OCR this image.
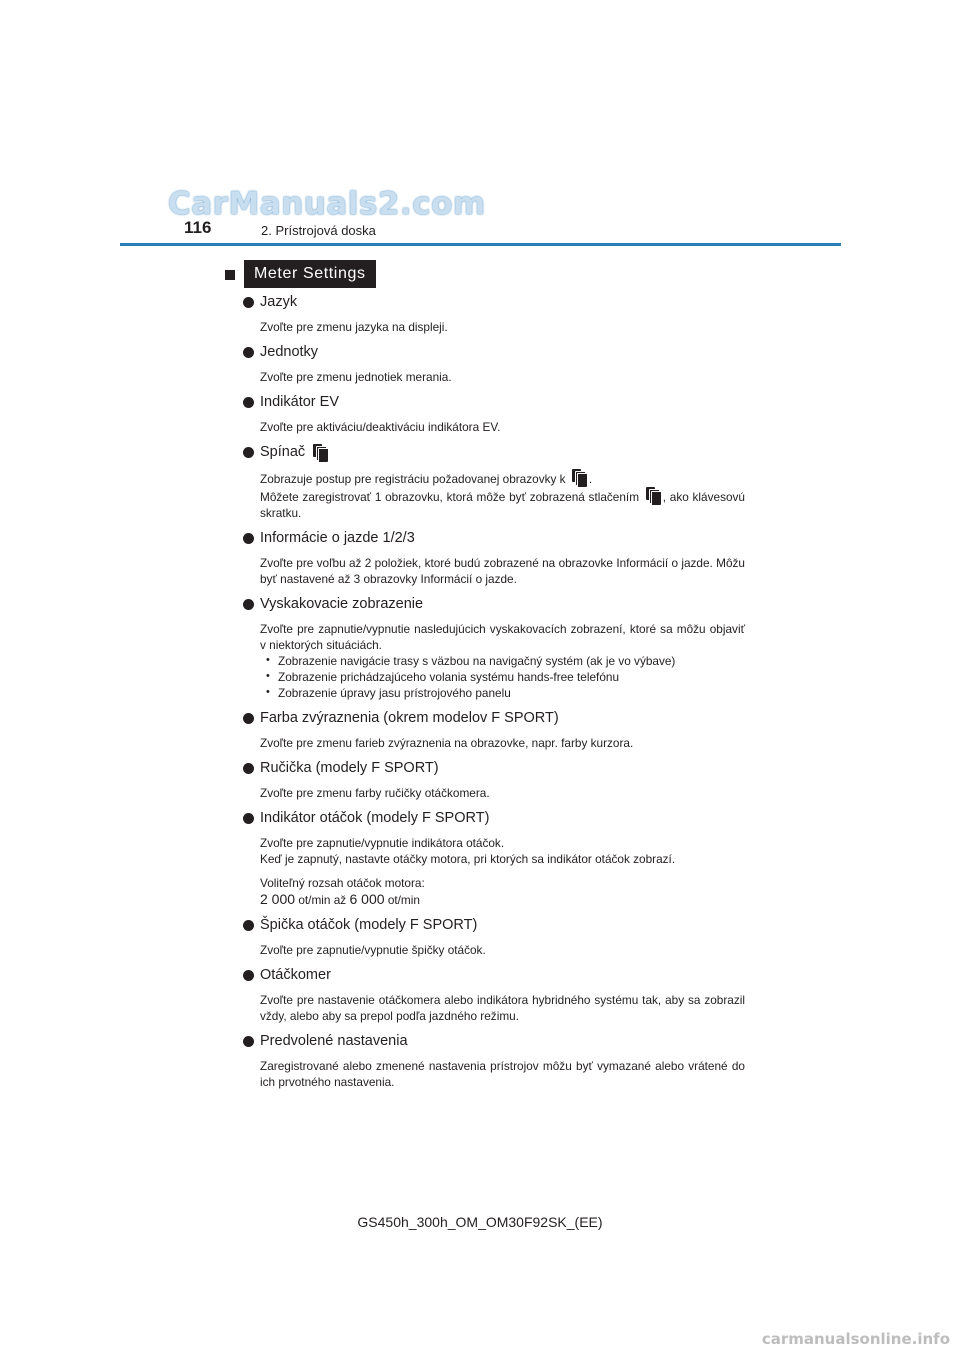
CarManuals2.com
116	2. Prístrojová doska
Meter Settings
Jazyk

Zvoľte pre zmenu jazyka na displeji.

Jednotky

Zvoľte pre zmenu jednotiek merania.

Indikátor EV

Zvoľte pre aktiváciu/deaktiváciu indikátora EV.

Spínač

Zobrazuje postup pre registráciu požadovanej obrazovky k .
Môžete zaregistrovať 1 obrazovku, ktorá môže byť zobrazená stlačením , ako klávesovú skratku.

Informácie o jazde 1/2/3

Zvoľte pre voľbu až 2 položiek, ktoré budú zobrazené na obrazovke Informácií o jazde. Môžu byť nastavené až 3 obrazovky Informácií o jazde.

Vyskakovacie zobrazenie

Zvoľte pre zapnutie/vypnutie nasledujúcich vyskakovacích zobrazení, ktoré sa môžu objaviť v niektorých situáciách.

• Zobrazenie navigácie trasy s väzbou na navigačný systém (ak je vo výbave)
• Zobrazenie prichádzajúceho volania systému hands-free telefónu
• Zobrazenie úpravy jasu prístrojového panelu
Farba zvýraznenia (okrem modelov F SPORT)

Zvoľte pre zmenu farieb zvýraznenia na obrazovke, napr. farby kurzora.

Ručička (modely F SPORT)

Zvoľte pre zmenu farby ručičky otáčkomera.

Indikátor otáčok (modely F SPORT)

Zvoľte pre zapnutie/vypnutie indikátora otáčok.

Keď je zapnutý, nastavte otáčky motora, pri ktorých sa indikátor otáčok zobrazí.

Voliteľný rozsah otáčok motora:

2 000 ot/min až 6 000 ot/min

Špička otáčok (modely F SPORT)

Zvoľte pre zapnutie/vypnutie špičky otáčok.

Otáčkomer

Zvoľte pre nastavenie otáčkomera alebo indikátora hybridného systému tak, aby sa zobrazil vždy, alebo aby sa prepol podľa jazdného režimu.

Predvolené nastavenia

Zaregistrované alebo zmenené nastavenia prístrojov môžu byť vymazané alebo vrátené do ich prvotného nastavenia.

GS450h_300h_OM_OM30F92SK_(EE)
carmanualsonline.info
